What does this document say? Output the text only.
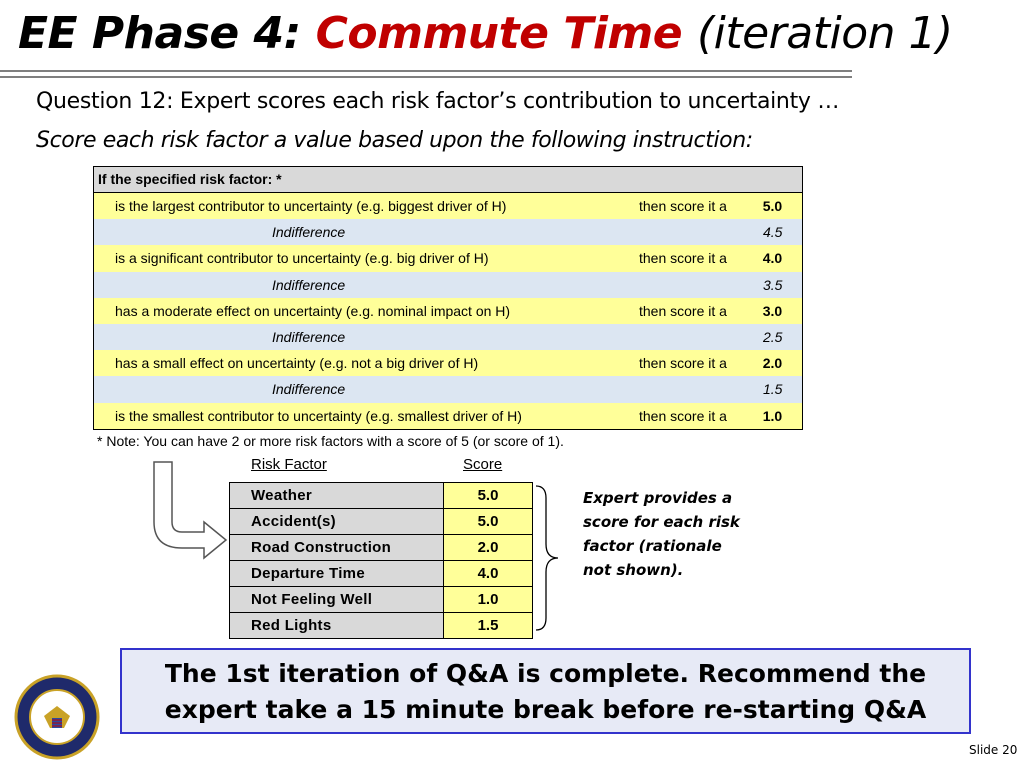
EE Phase 4: Commute Time (iteration 1)
Question 12: Expert scores each risk factor’s contribution to uncertainty …
Score each risk factor a value based upon the following instruction:
If the specified risk factor: *
is the largest contributor to uncertainty (e.g. biggest driver of H)	then score it a	5.0
Indifference	4.5
is a significant contributor to uncertainty (e.g. big driver of H)	then score it a	4.0
Indifference	3.5
has a moderate effect on uncertainty (e.g. nominal impact on H)	then score it a	3.0
Indifference	2.5
has a small effect on uncertainty (e.g. not a big driver of H)	then score it a	2.0
Indifference	1.5
is the smallest contributor to uncertainty (e.g. smallest driver of H)	then score it a	1.0
* Note: You can have 2 or more risk factors with a score of 5 (or score of 1).
Risk Factor	Score
Weather	5.0
Accident(s)	5.0
Road Construction	2.0
Departure Time	4.0
Not Feeling Well	1.0
Red Lights	1.5
Expert provides a score for each risk factor (rationale not shown).
The 1st iteration of Q&A is complete. Recommend the expert take a 15 minute break before re-starting Q&A
Slide 20
